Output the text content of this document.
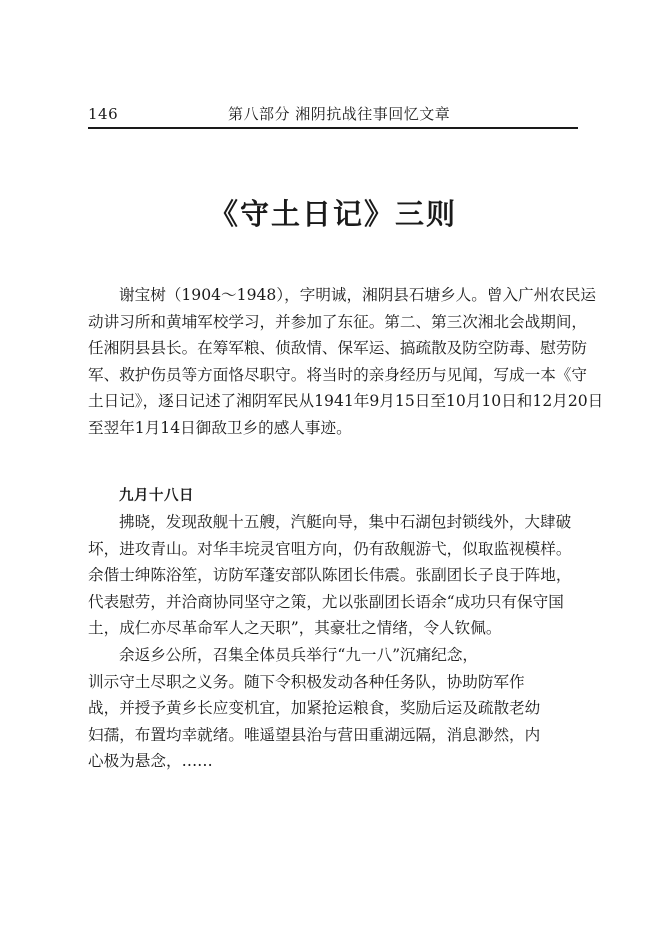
146	第八部分 湘阴抗战往事回忆文章
《守土日记》三则

谢宝树（1904～1948），字明诚，湘阴县石塘乡人。曾入广州农民运
动讲习所和黄埔军校学习，并参加了东征。第二、第三次湘北会战期间，
任湘阴县县长。在筹军粮、侦敌情、保军运、搞疏散及防空防毒、慰劳防
军、救护伤员等方面恪尽职守。将当时的亲身经历与见闻，写成一本《守
土日记》，逐日记述了湘阴军民从1941年9月15日至10月10日和12月20日
至翌年1月14日御敌卫乡的感人事迹。

九月十八日

拂晓，发现敌舰十五艘，汽艇向导，集中石湖包封锁线外，大肆破
坏，进攻青山。对华丰垸灵官咀方向，仍有敌舰游弋，似取监视模样。
余偕士绅陈浴笙，访防军蓬安部队陈团长伟震。张副团长子良于阵地，
代表慰劳，并洽商协同坚守之策，尤以张副团长语余“成功只有保守国
土，成仁亦尽革命军人之天职”，其豪壮之情绪，令人钦佩。

余返乡公所，召集全体员兵举行“九一八”沉痛纪念，
训示守土尽职之义务。随下令积极发动各种任务队，协助防军作
战，并授予黄乡长应变机宜，加紧抢运粮食，奖励后运及疏散老幼
妇孺，布置均幸就绪。唯遥望县治与营田重湖远隔，消息渺然，内
心极为悬念，……
